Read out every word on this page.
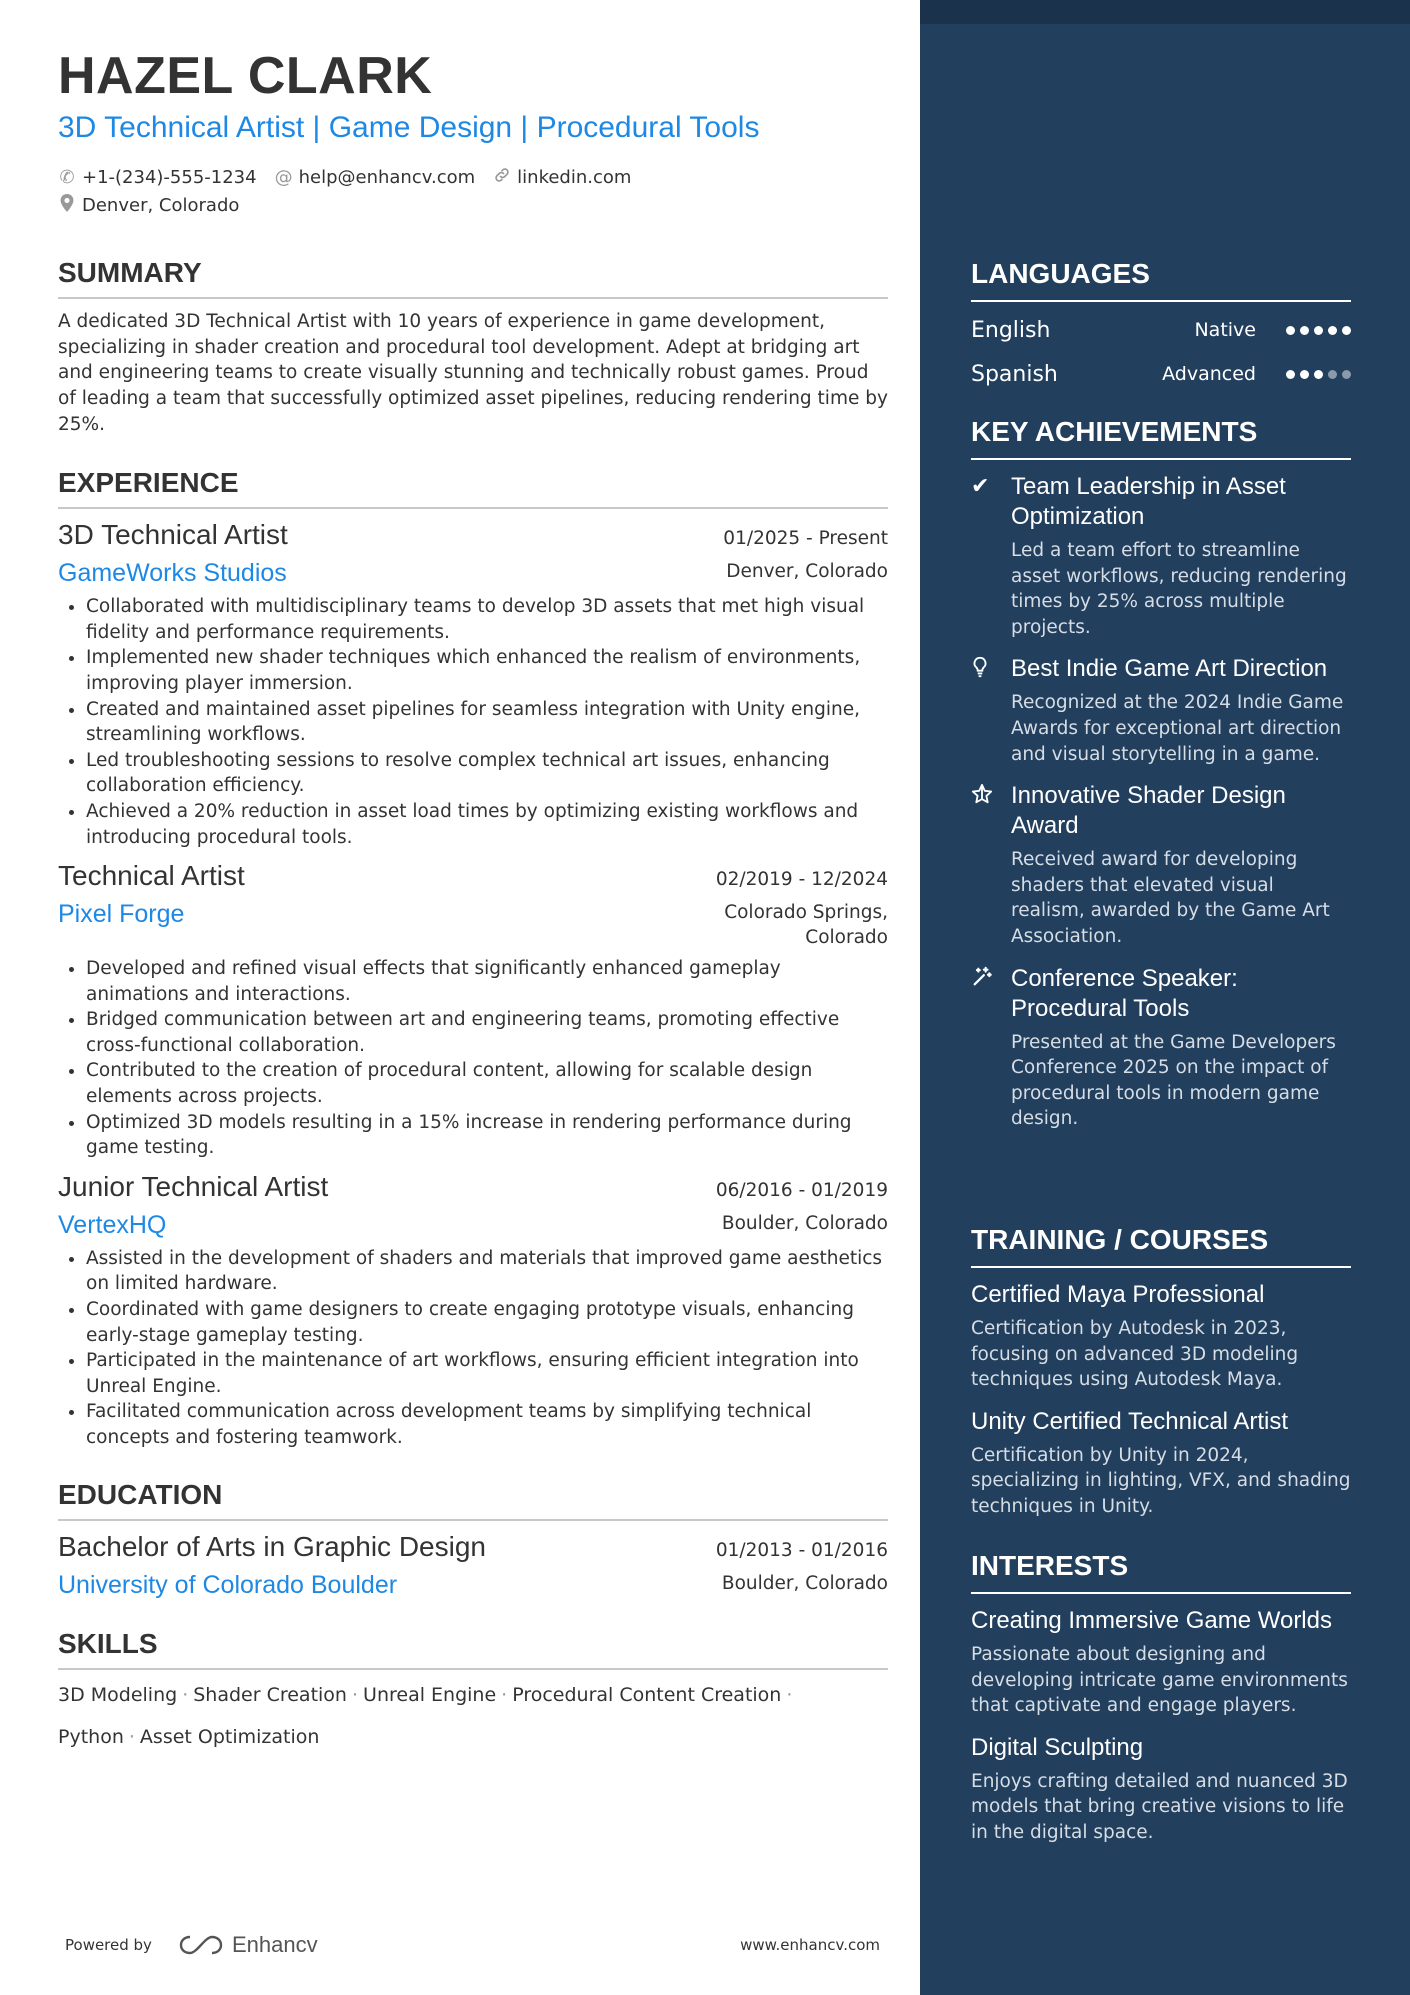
HAZEL CLARK
3D Technical Artist | Game Design | Procedural Tools
✆ +1-(234)-555-1234 @ help@enhancv.com linkedin.com
Denver, Colorado
SUMMARY
A dedicated 3D Technical Artist with 10 years of experience in game development, specializing in shader creation and procedural tool development. Adept at bridging art and engineering teams to create visually stunning and technically robust games. Proud of leading a team that successfully optimized asset pipelines, reducing rendering time by 25%.
EXPERIENCE
3D Technical Artist	01/2025 - Present
GameWorks Studios	Denver, Colorado
• Collaborated with multidisciplinary teams to develop 3D assets that met high visual fidelity and performance requirements.
• Implemented new shader techniques which enhanced the realism of environments, improving player immersion.
• Created and maintained asset pipelines for seamless integration with Unity engine, streamlining workflows.
• Led troubleshooting sessions to resolve complex technical art issues, enhancing collaboration efficiency.
• Achieved a 20% reduction in asset load times by optimizing existing workflows and introducing procedural tools.
Technical Artist	02/2019 - 12/2024
Pixel Forge	Colorado Springs, Colorado
• Developed and refined visual effects that significantly enhanced gameplay animations and interactions.
• Bridged communication between art and engineering teams, promoting effective cross-functional collaboration.
• Contributed to the creation of procedural content, allowing for scalable design elements across projects.
• Optimized 3D models resulting in a 15% increase in rendering performance during game testing.
Junior Technical Artist	06/2016 - 01/2019
VertexHQ	Boulder, Colorado
• Assisted in the development of shaders and materials that improved game aesthetics on limited hardware.
• Coordinated with game designers to create engaging prototype visuals, enhancing early-stage gameplay testing.
• Participated in the maintenance of art workflows, ensuring efficient integration into Unreal Engine.
• Facilitated communication across development teams by simplifying technical concepts and fostering teamwork.
EDUCATION
Bachelor of Arts in Graphic Design	01/2013 - 01/2016
University of Colorado Boulder	Boulder, Colorado
SKILLS
3D Modeling · Shader Creation · Unreal Engine · Procedural Content Creation ·
Python · Asset Optimization
Powered by	Enhancv	www.enhancv.com
LANGUAGES
English	Native
Spanish	Advanced
KEY ACHIEVEMENTS
✔ Team Leadership in Asset Optimization
Led a team effort to streamline asset workflows, reducing rendering times by 25% across multiple projects.
Best Indie Game Art Direction
Recognized at the 2024 Indie Game Awards for exceptional art direction and visual storytelling in a game.
Innovative Shader Design Award
Received award for developing shaders that elevated visual realism, awarded by the Game Art Association.
Conference Speaker: Procedural Tools
Presented at the Game Developers Conference 2025 on the impact of procedural tools in modern game design.
TRAINING / COURSES
Certified Maya Professional
Certification by Autodesk in 2023, focusing on advanced 3D modeling techniques using Autodesk Maya.
Unity Certified Technical Artist
Certification by Unity in 2024, specializing in lighting, VFX, and shading techniques in Unity.
INTERESTS
Creating Immersive Game Worlds
Passionate about designing and developing intricate game environments that captivate and engage players.
Digital Sculpting
Enjoys crafting detailed and nuanced 3D models that bring creative visions to life in the digital space.
